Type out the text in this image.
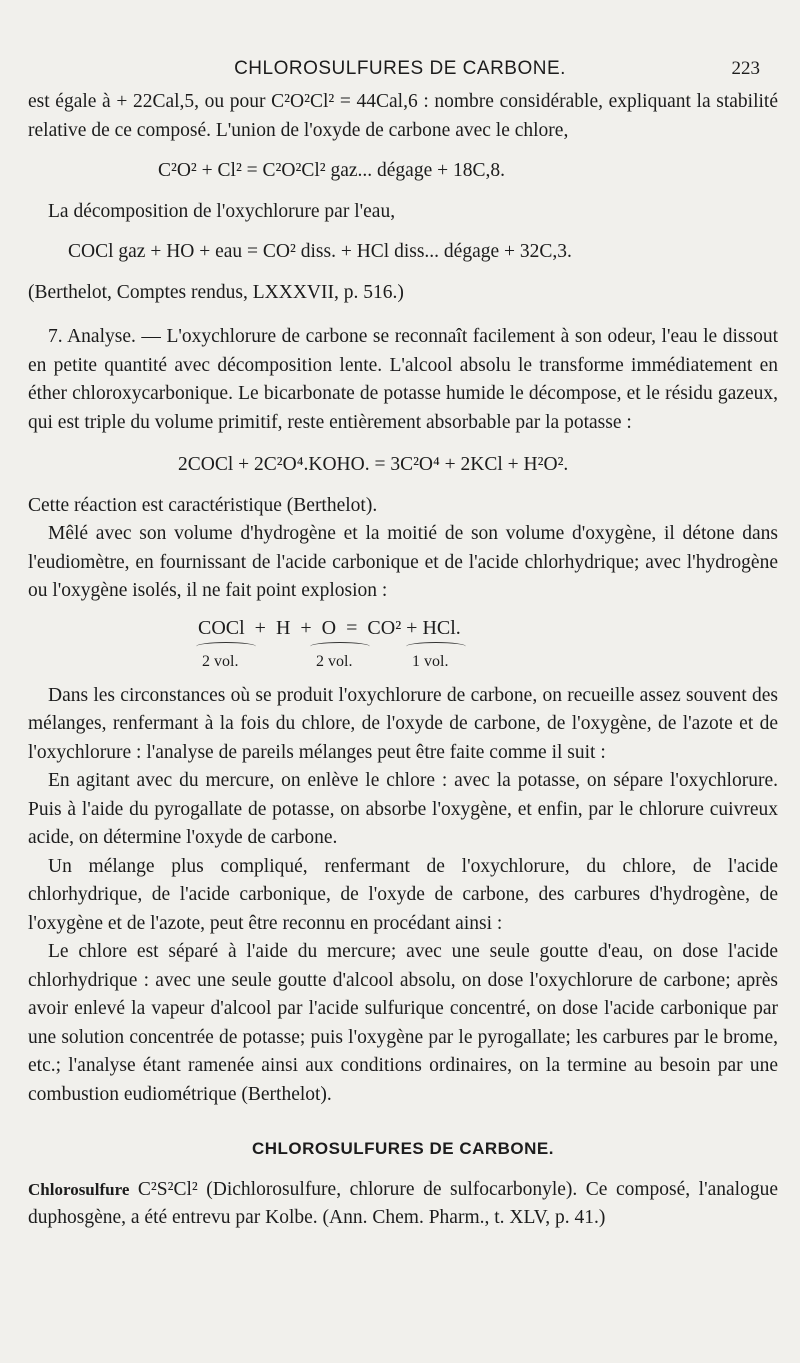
CHLOROSULFURES DE CARBONE.	223

est égale à + 22Cal,5, ou pour C²O²Cl² = 44Cal,6 : nombre considérable, expliquant la stabilité relative de ce composé. L'union de l'oxyde de carbone avec le chlore,

C²O² + Cl² = C²O²Cl² gaz... dégage + 18C,8.

La décomposition de l'oxychlorure par l'eau,

COCl gaz + HO + eau = CO² diss. + HCl diss... dégage + 32C,3.

(Berthelot, Comptes rendus, LXXXVII, p. 516.)

7. Analyse. — L'oxychlorure de carbone se reconnaît facilement à son odeur, l'eau le dissout en petite quantité avec décomposition lente. L'alcool absolu le transforme immédiatement en éther chloroxycarbonique. Le bicarbonate de potasse humide le décompose, et le résidu gazeux, qui est triple du volume primitif, reste entièrement absorbable par la potasse :

2COCl + 2C²O⁴.KOHO. = 3C²O⁴ + 2KCl + H²O².

Cette réaction est caractéristique (Berthelot).

Mêlé avec son volume d'hydrogène et la moitié de son volume d'oxygène, il détone dans l'eudiomètre, en fournissant de l'acide carbonique et de l'acide chlorhydrique; avec l'hydrogène ou l'oxygène isolés, il ne fait point explosion :

COCl  +  H  +  O  =  CO² + HCl.
2 vol.	2 vol.	1 vol.

Dans les circonstances où se produit l'oxychlorure de carbone, on recueille assez souvent des mélanges, renfermant à la fois du chlore, de l'oxyde de carbone, de l'oxygène, de l'azote et de l'oxychlorure : l'analyse de pareils mélanges peut être faite comme il suit :

En agitant avec du mercure, on enlève le chlore : avec la potasse, on sépare l'oxychlorure. Puis à l'aide du pyrogallate de potasse, on absorbe l'oxygène, et enfin, par le chlorure cuivreux acide, on détermine l'oxyde de carbone.

Un mélange plus compliqué, renfermant de l'oxychlorure, du chlore, de l'acide chlorhydrique, de l'acide carbonique, de l'oxyde de carbone, des carbures d'hydrogène, de l'oxygène et de l'azote, peut être reconnu en procédant ainsi :

Le chlore est séparé à l'aide du mercure; avec une seule goutte d'eau, on dose l'acide chlorhydrique : avec une seule goutte d'alcool absolu, on dose l'oxychlorure de carbone; après avoir enlevé la vapeur d'alcool par l'acide sulfurique concentré, on dose l'acide carbonique par une solution concentrée de potasse; puis l'oxygène par le pyrogallate; les carbures par le brome, etc.; l'analyse étant ramenée ainsi aux conditions ordinaires, on la termine au besoin par une combustion eudiométrique (Berthelot).

CHLOROSULFURES DE CARBONE.

Chlorosulfure C²S²Cl² (Dichlorosulfure, chlorure de sulfocarbonyle). Ce composé, l'analogue duphosgène, a été entrevu par Kolbe. (Ann. Chem. Pharm., t. XLV, p. 41.)
